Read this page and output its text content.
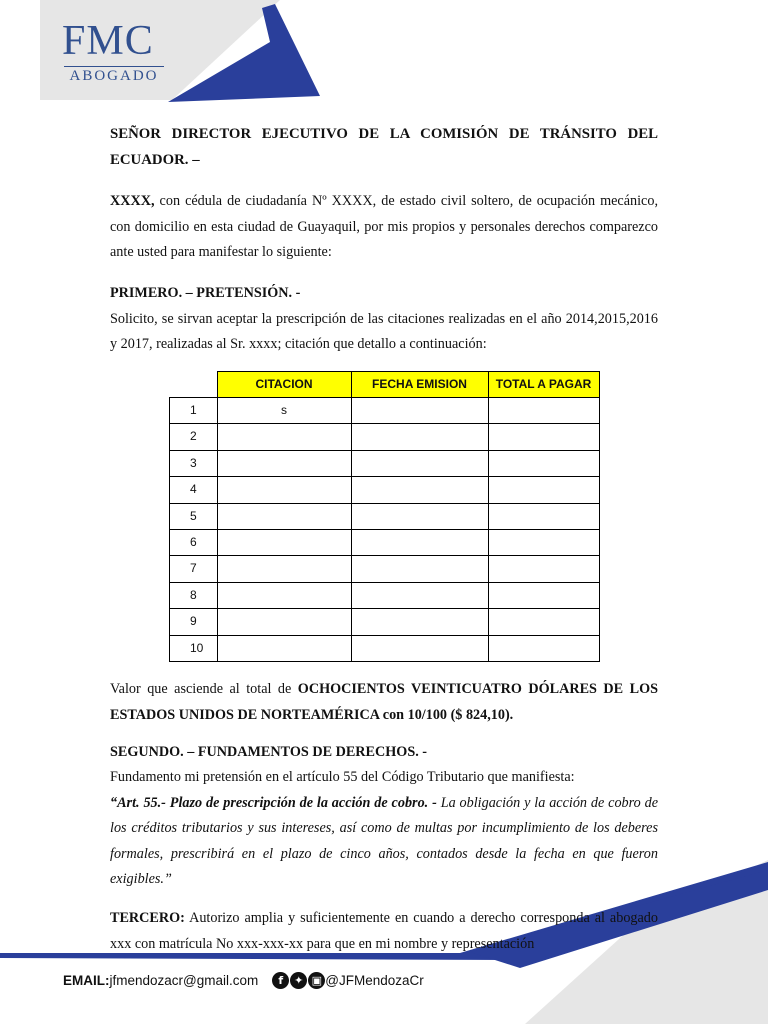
FMC
ABOGADO

SEÑOR DIRECTOR EJECUTIVO DE LA COMISIÓN DE TRÁNSITO DEL ECUADOR. –

XXXX, con cédula de ciudadanía Nº XXXX, de estado civil soltero, de ocupación mecánico, con domicilio en esta ciudad de Guayaquil, por mis propios y personales derechos comparezco ante usted para manifestar lo siguiente:

PRIMERO. – PRETENSIÓN. -

Solicito, se sirvan aceptar la prescripción de las citaciones realizadas en el año 2014,2015,2016 y 2017, realizadas al Sr. xxxx; citación que detallo a continuación:

	CITACION	FECHA EMISION	TOTAL A PAGAR
1	s		
2			
3			
4			
5			
6			
7			
8			
9			
10			

Valor que asciende al total de OCHOCIENTOS VEINTICUATRO DÓLARES DE LOS ESTADOS UNIDOS DE NORTEAMÉRICA con 10/100 ($ 824,10).

SEGUNDO. – FUNDAMENTOS DE DERECHOS. -

Fundamento mi pretensión en el artículo 55 del Código Tributario que manifiesta:

“Art. 55.- Plazo de prescripción de la acción de cobro. - La obligación y la acción de cobro de los créditos tributarios y sus intereses, así como de multas por incumplimiento de los deberes formales, prescribirá en el plazo de cinco años, contados desde la fecha en que fueron exigibles.”

TERCERO: Autorizo amplia y suficientemente en cuando a derecho corresponda al abogado xxx con matrícula No xxx-xxx-xx para que en mi nombre y representación

EMAIL: jfmendozacr@gmail.com	f	✦ ▣ @JFMendozaCr
